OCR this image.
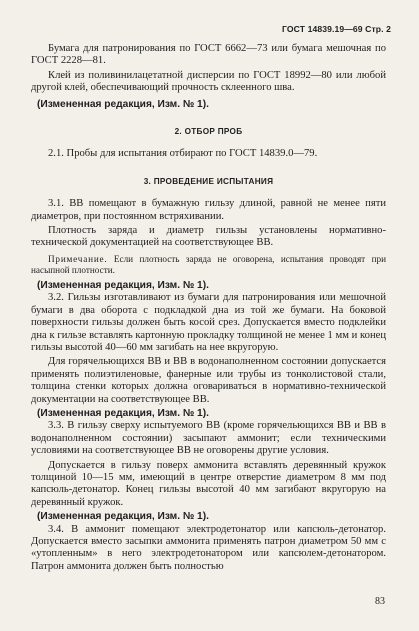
ГОСТ 14839.19—69 Стр. 2

Бумага для патронирования по ГОСТ 6662—73 или бумага мешочная по ГОСТ 2228—81.

Клей из поливинилацетатной дисперсии по ГОСТ 18992—80 или любой другой клей, обеспечивающий прочность склеенного шва.

(Измененная редакция, Изм. № 1).
2. ОТБОР ПРОБ

2.1. Пробы для испытания отбирают по ГОСТ 14839.0—79.

3. ПРОВЕДЕНИЕ ИСПЫТАНИЯ

3.1. ВВ помещают в бумажную гильзу длиной, равной не менее пяти диаметров, при постоянном встряхивании.

Плотность заряда и диаметр гильзы установлены нормативно-технической документацией на соответствующее ВВ.

Примечание. Если плотность заряда не оговорена, испытания проводят при насыпной плотности.

(Измененная редакция, Изм. № 1).

3.2. Гильзы изготавливают из бумаги для патронирования или мешочной бумаги в два оборота с подкладкой дна из той же бумаги. На боковой поверхности гильзы должен быть косой срез. Допускается вместо подклейки дна к гильзе вставлять картонную прокладку толщиной не менее 1 мм и конец гильзы высотой 40—60 мм загибать на нее вкругорую.

Для горячельющихся ВВ и ВВ в водонаполненном состоянии допускается применять полиэтиленовые, фанерные или трубы из тонколистовой стали, толщина стенки которых должна оговариваться в нормативно-технической документации на соответствующее ВВ.

(Измененная редакция, Изм. № 1).

3.3. В гильзу сверху испытуемого ВВ (кроме горячельющихся ВВ и ВВ в водонаполненном состоянии) засыпают аммонит; если техническими условиями на соответствующее ВВ не оговорены другие условия.

Допускается в гильзу поверх аммонита вставлять деревянный кружок толщиной 10—15 мм, имеющий в центре отверстие диаметром 8 мм под капсюль-детонатор. Конец гильзы высотой 40 мм загибают вкругорую на деревянный кружок.

(Измененная редакция, Изм. № 1).

3.4. В аммонит помещают электродетонатор или капсюль-детонатор. Допускается вместо засыпки аммонита применять патрон диаметром 50 мм с «утопленным» в него электродетонатором или капсюлем-детонатором. Патрон аммонита должен быть полностью

83
